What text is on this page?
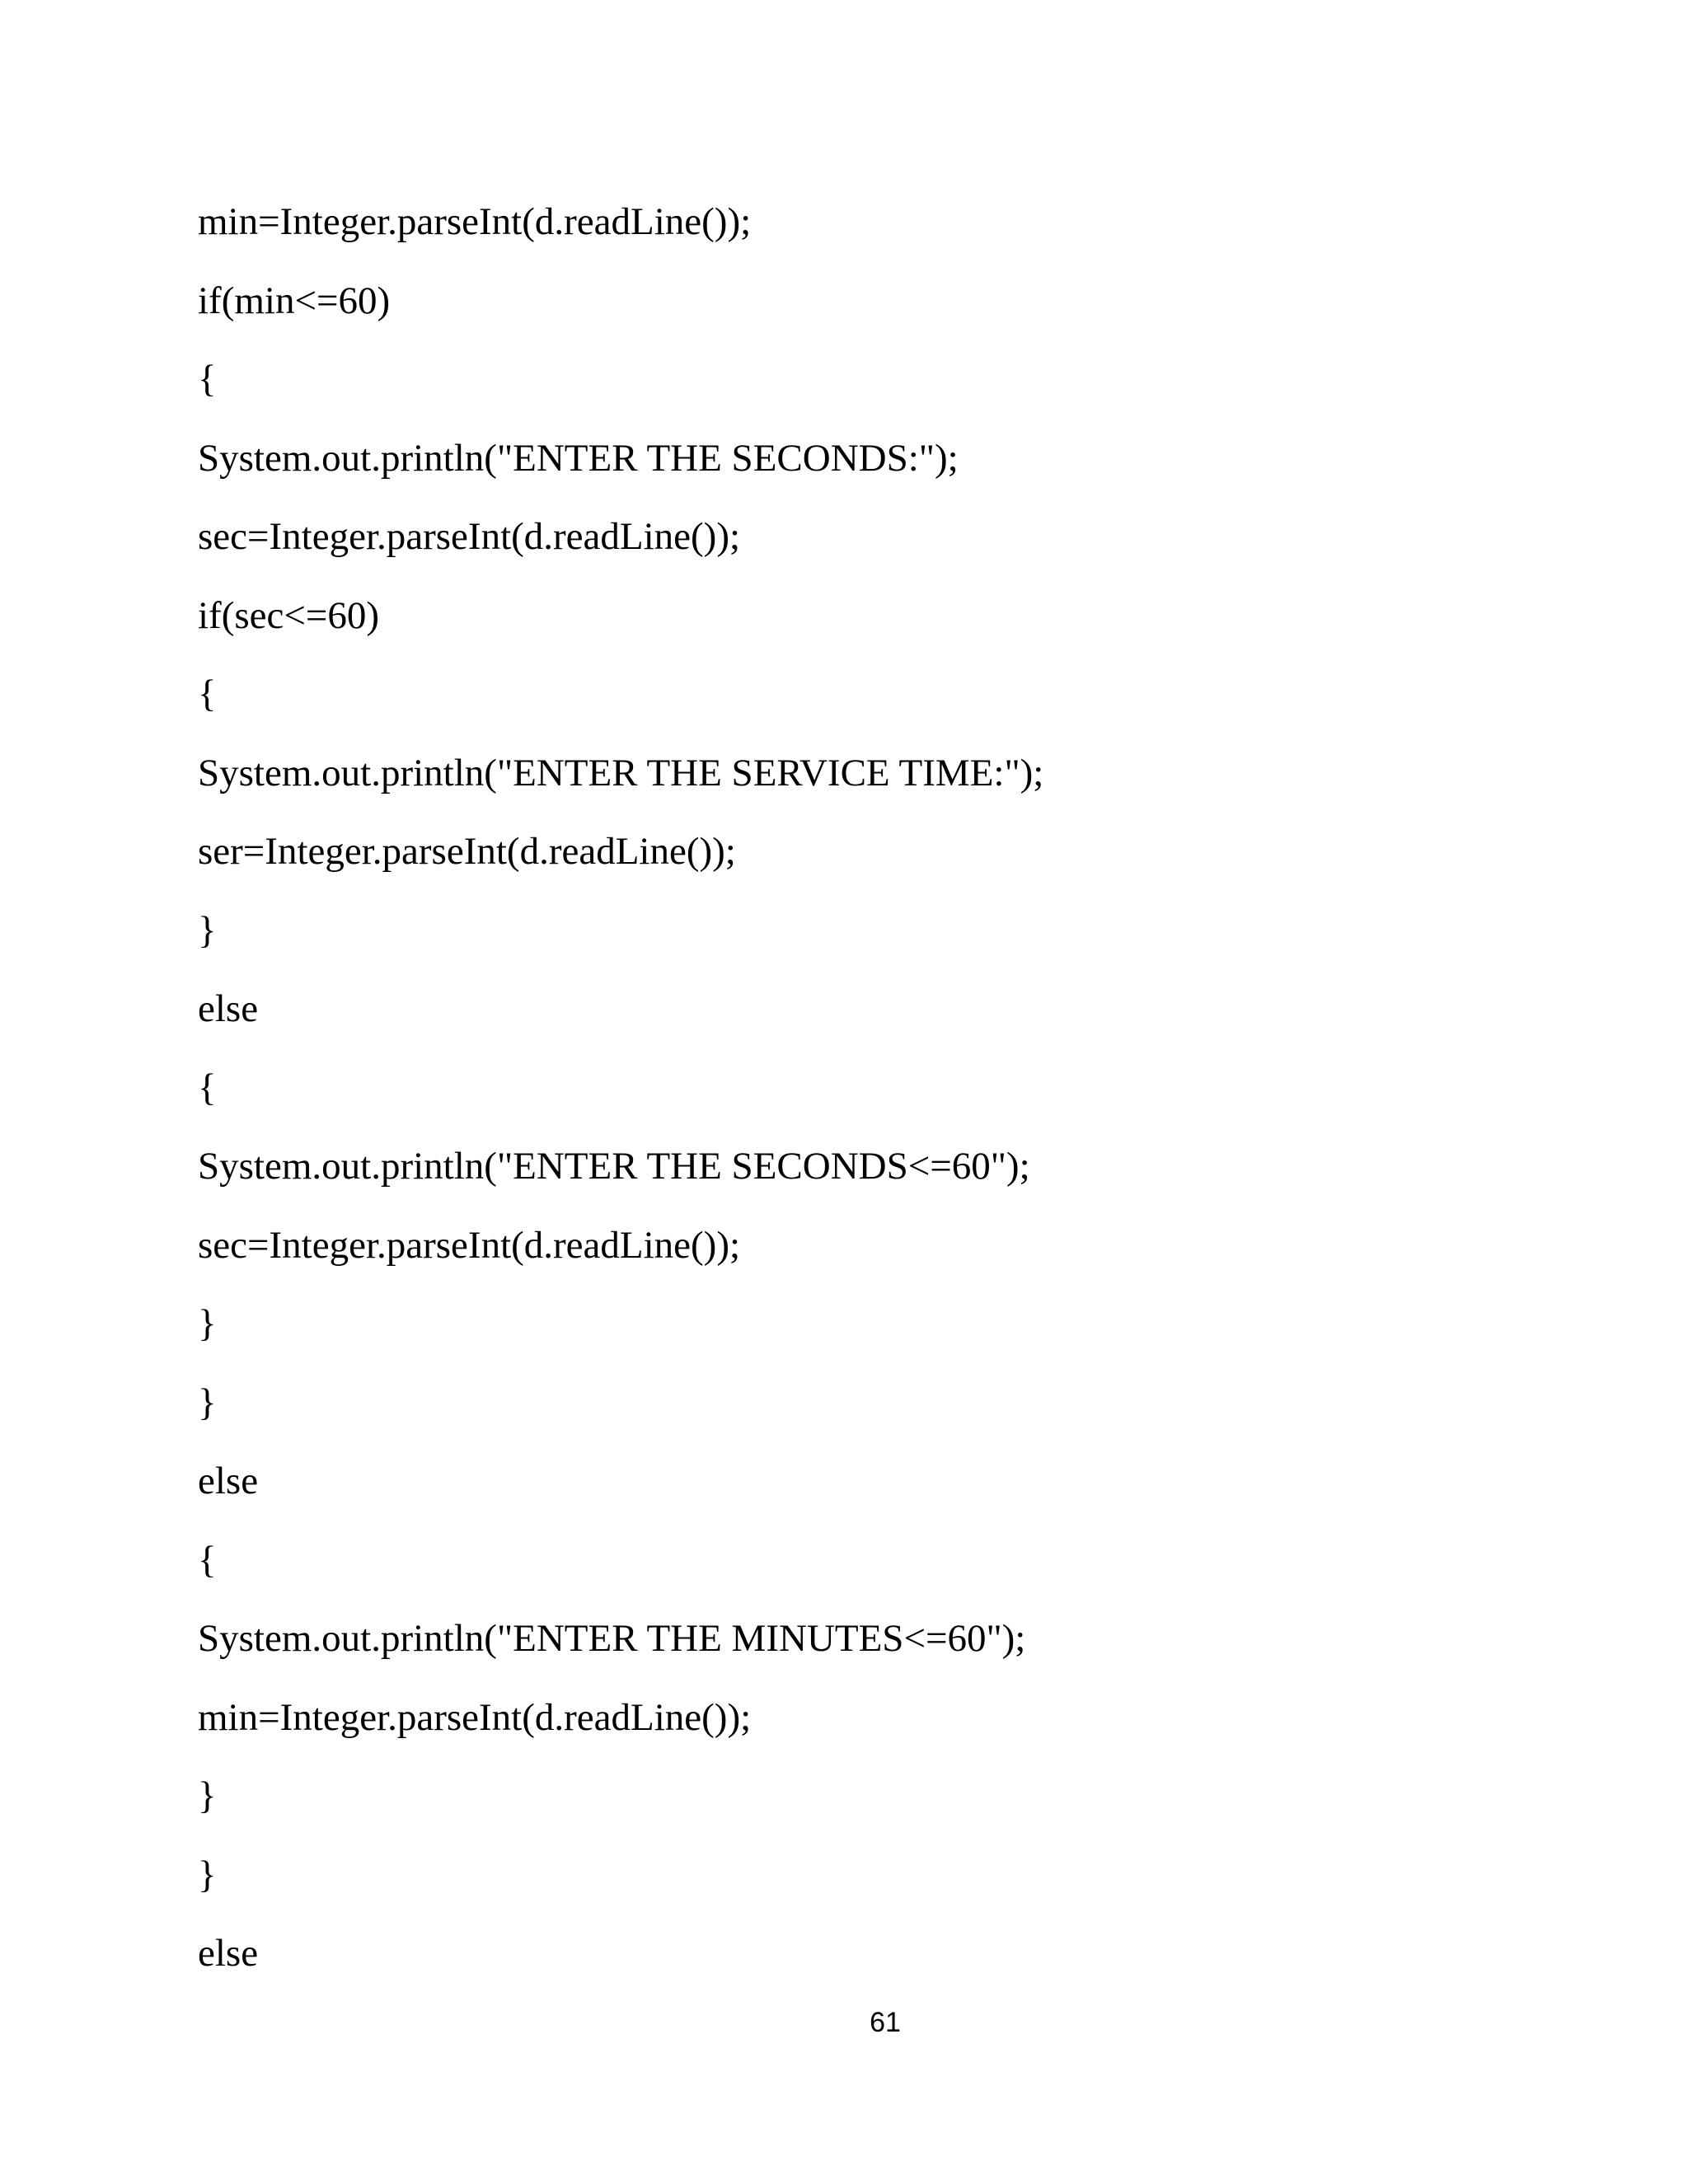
min=Integer.parseInt(d.readLine());
if(min<=60)
{
System.out.println("ENTER THE SECONDS:");
sec=Integer.parseInt(d.readLine());
if(sec<=60)
{
System.out.println("ENTER THE SERVICE TIME:");
ser=Integer.parseInt(d.readLine());
}
else
{
System.out.println("ENTER THE SECONDS<=60");
sec=Integer.parseInt(d.readLine());
}
}
else
{
System.out.println("ENTER THE MINUTES<=60");
min=Integer.parseInt(d.readLine());
}
}
else
61
